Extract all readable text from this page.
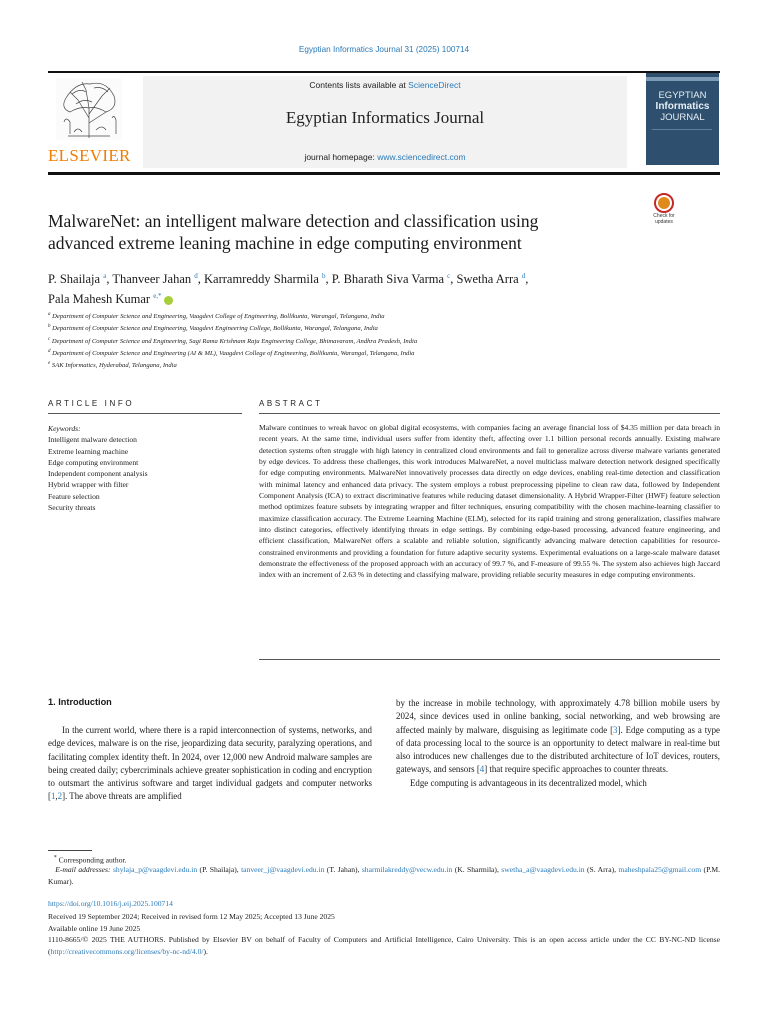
Egyptian Informatics Journal 31 (2025) 100714
ELSEVIER
Contents lists available at ScienceDirect
Egyptian Informatics Journal
journal homepage: www.sciencedirect.com
EGYPTIAN
Informatics
JOURNAL
Check for
updates
MalwareNet: an intelligent malware detection and classification using advanced extreme leaning machine in edge computing environment
P. Shailaja $^a$, Thanveer Jahan $^d$, Karramreddy Sharmila $^b$, P. Bharath Siva Varma $^c$, Swetha Arra $^d$,
Pala Mahesh Kumar $^{e,*}$
$^a$ Department of Computer Science and Engineering, Vaagdevi College of Engineering, Bollikunta, Warangal, Telangana, India
$^b$ Department of Computer Science and Engineering, Vaagdevi Engineering College, Bollikunta, Warangal, Telangana, India
$^c$ Department of Computer Science and Engineering, Sagi Rama Krishnam Raju Engineering College, Bhimavaram, Andhra Pradesh, India
$^d$ Department of Computer Science and Engineering (AI & ML), Vaagdevi College of Engineering, Bollikunta, Warangal, Telangana, India
$^e$ SAK Informatics, Hyderabad, Telangana, India
ARTICLE INFO	ABSTRACT
Keywords:
Intelligent malware detection
Extreme learning machine
Edge computing environment
Independent component analysis
Hybrid wrapper with filter
Feature selection
Security threats
Malware continues to wreak havoc on global digital ecosystems, with companies facing an average financial loss of $4.35 million per data breach in recent years. At the same time, individual users suffer from identity theft, affecting over 1.1 billion personal records annually. Existing malware detection systems often struggle with high latency in centralized cloud environments and fail to generalize across diverse malware variants generated by edge devices. To address these challenges, this work introduces MalwareNet, a novel multiclass malware detection network designed specifically for edge computing environments. MalwareNet innovatively processes data directly on edge devices, enabling real-time detection and classification with minimal latency and enhanced data privacy. The system employs a robust preprocessing pipeline to clean raw data, followed by Independent Component Analysis (ICA) to extract discriminative features while reducing dataset dimensionality. A Hybrid Wrapper-Filter (HWF) feature selection method optimizes feature subsets by integrating wrapper and filter techniques, ensuring compatibility with the chosen machine-learning classifier to maximize classification accuracy. The Extreme Learning Machine (ELM), selected for its rapid training and strong generalization, classifies malware into distinct categories, effectively identifying threats in edge settings. By combining edge-based processing, advanced feature engineering, and efficient classification, MalwareNet offers a scalable and reliable solution, significantly advancing malware detection capabilities for resource-constrained environments and providing a foundation for future adaptive security systems. Experimental evaluations on a large-scale malware dataset demonstrate the effectiveness of the proposed approach with an accuracy of 99.7 %, and F-measure of 99.55 %. The system also achieves high Jaccard index with an increment of 2.63 % in detecting and classifying malware, providing reliable security measures in edge computing environments.
1. Introduction

In the current world, where there is a rapid interconnection of systems, networks, and edge devices, malware is on the rise, jeopardizing data security, paralyzing operations, and facilitating complex identity theft. In 2024, over 12,000 new Android malware samples are being created daily; cybercriminals achieve greater sophistication in coding and encryption to outsmart the antivirus software and target individual gadgets and computer networks [1,2]. The above threats are amplified

by the increase in mobile technology, with approximately 4.78 billion mobile users by 2024, since devices used in online banking, social networking, and web browsing are affected mainly by malware, disguising as legitimate code [3]. Edge computing as a type of data processing local to the source is an opportunity to detect malware in real-time but also introduces new challenges due to the distributed architecture of IoT devices, routers, gateways, and sensors [4] that require specific approaches to counter threats.

Edge computing is advantageous in its decentralized model, which

* Corresponding author.
E-mail addresses: shylaja_p@vaagdevi.edu.in (P. Shailaja), tanveer_j@vaagdevi.edu.in (T. Jahan), sharmilakreddy@vecw.edu.in (K. Sharmila), swetha_a@vaagdevi.edu.in (S. Arra), maheshpala25@gmail.com (P.M. Kumar).
https://doi.org/10.1016/j.eij.2025.100714
Received 19 September 2024; Received in revised form 12 May 2025; Accepted 13 June 2025
Available online 19 June 2025
1110-8665/© 2025 THE AUTHORS. Published by Elsevier BV on behalf of Faculty of Computers and Artificial Intelligence, Cairo University. This is an open access article under the CC BY-NC-ND license (http://creativecommons.org/licenses/by-nc-nd/4.0/).
